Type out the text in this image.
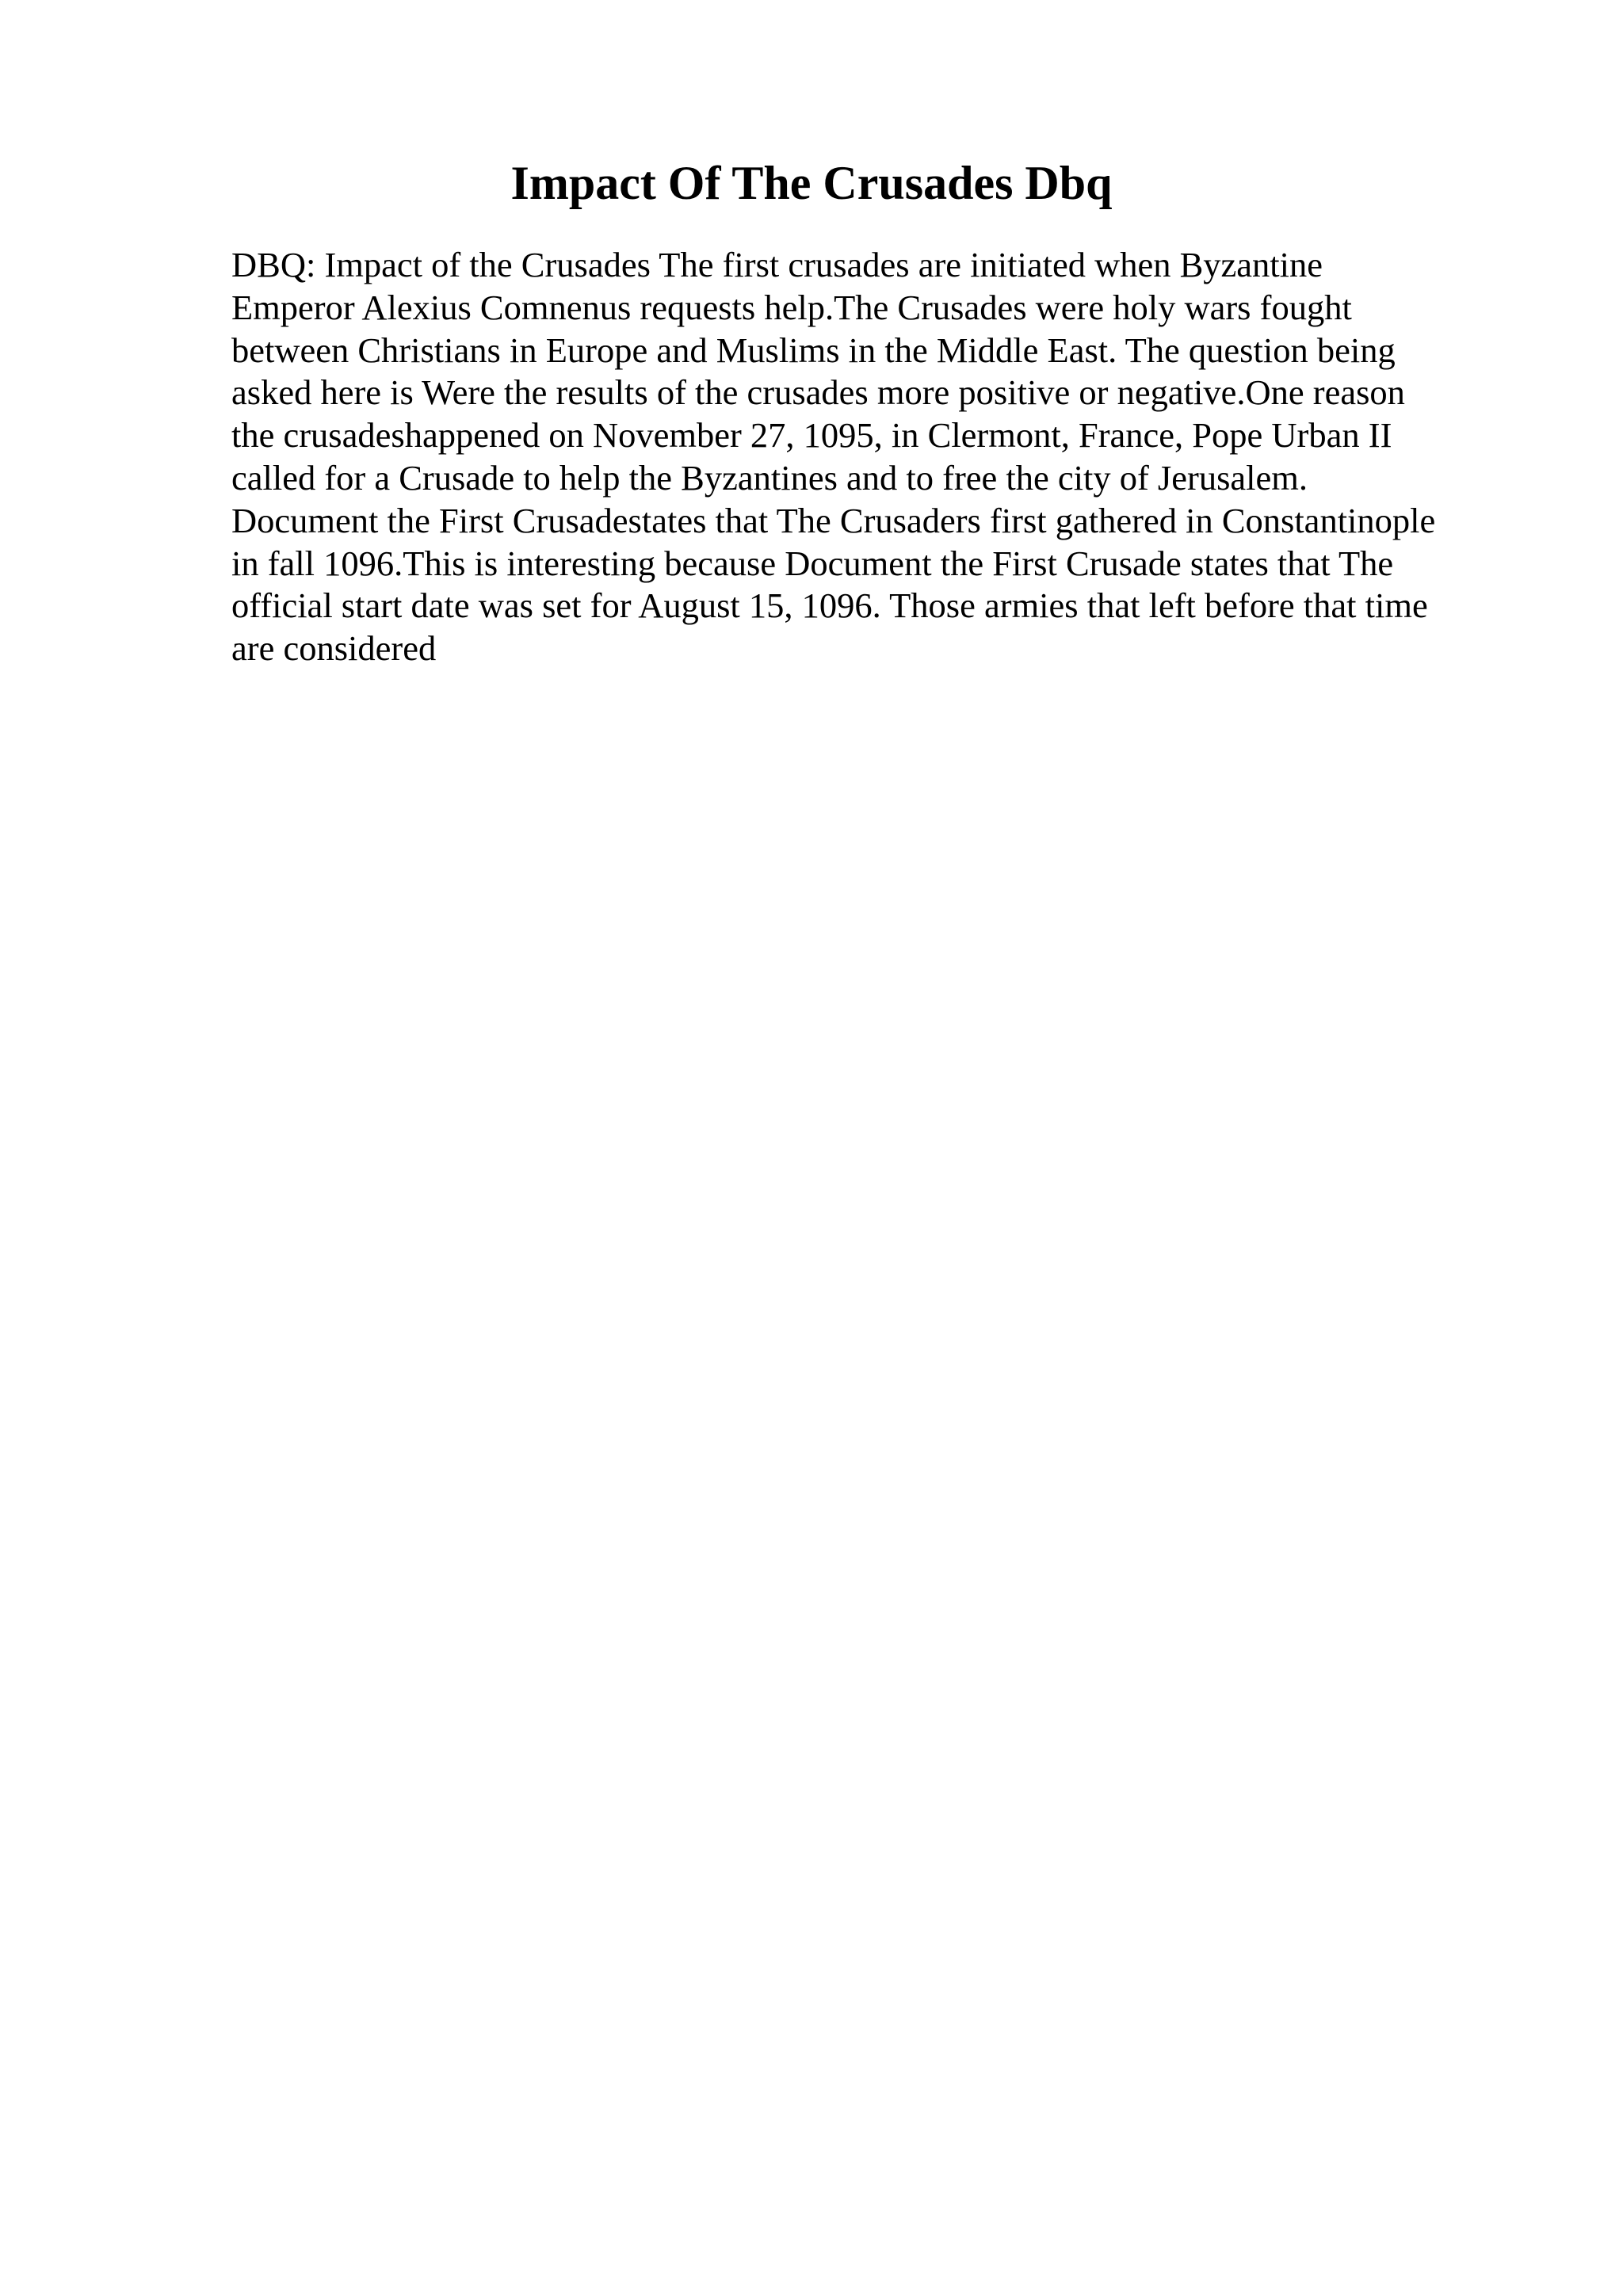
Impact Of The Crusades Dbq
DBQ: Impact of the Crusades The first crusades are initiated when Byzantine
Emperor Alexius Comnenus requests help.The Crusades were holy wars fought
between Christians in Europe and Muslims in the Middle East. The question being
asked here is Were the results of the crusades more positive or negative.One reason
the crusadeshappened on November 27, 1095, in Clermont, France, Pope Urban II
called for a Crusade to help the Byzantines and to free the city of Jerusalem.
Document the First Crusadestates that The Crusaders first gathered in Constantinople
in fall 1096.This is interesting because Document the First Crusade states that The
official start date was set for August 15, 1096. Those armies that left before that time
are considered
